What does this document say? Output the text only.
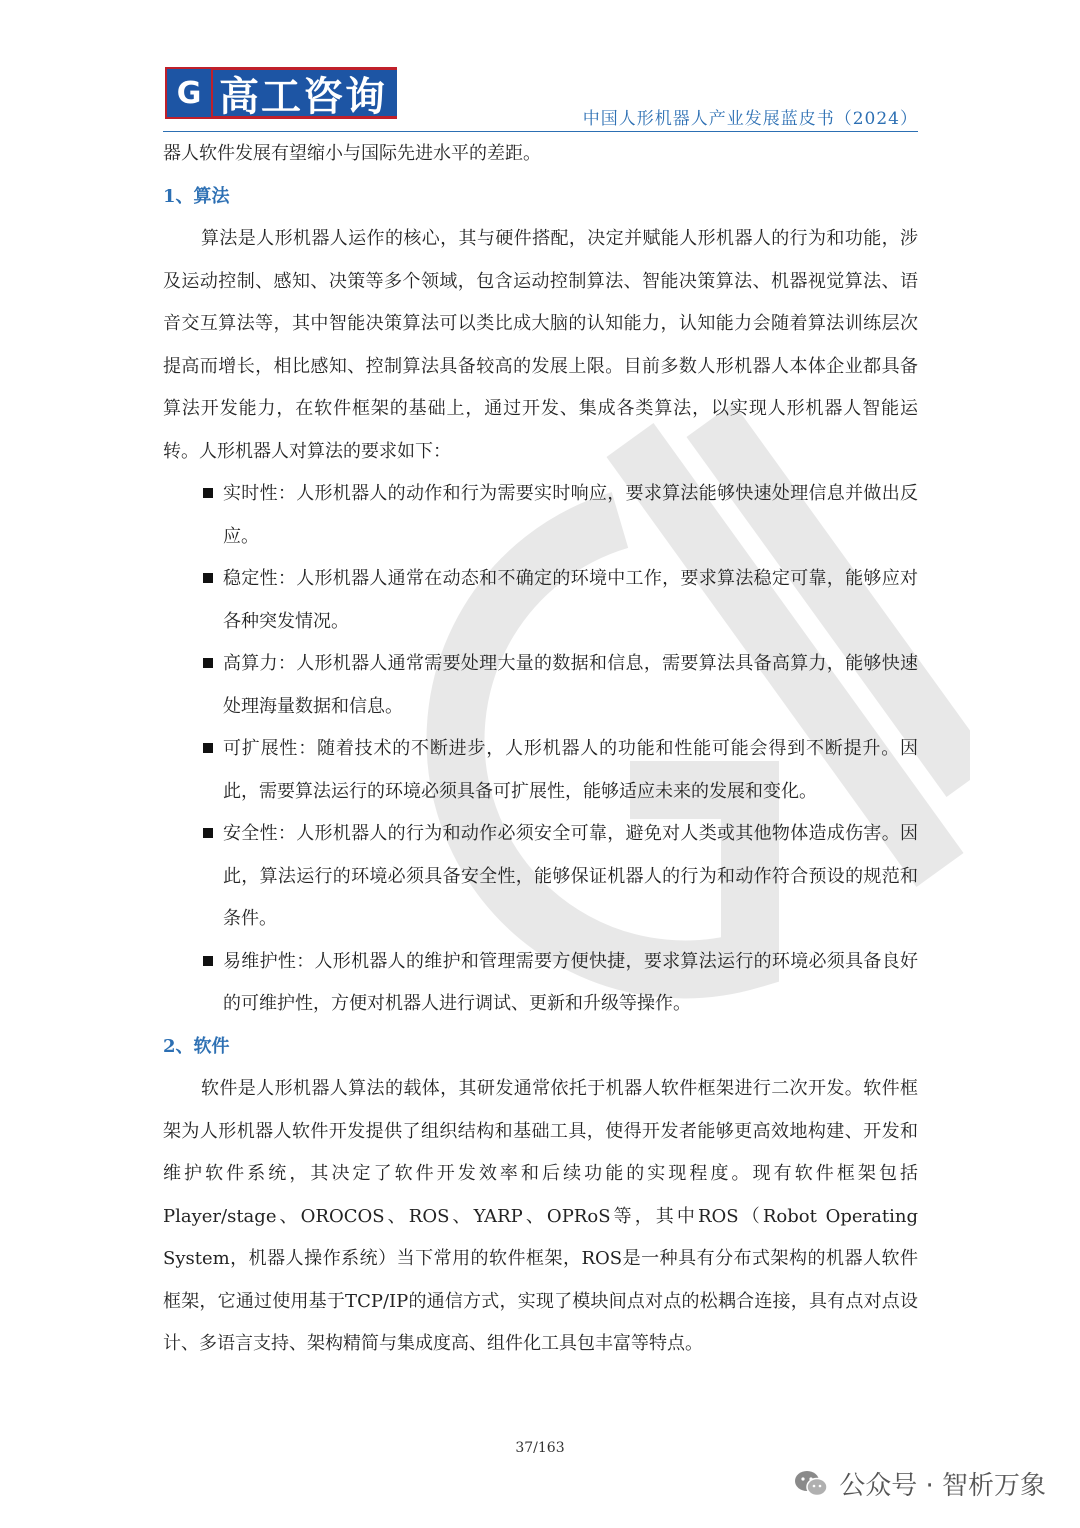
G 高工咨询	中国人形机器人产业发展蓝皮书（2024）

器人软件发展有望缩小与国际先进水平的差距。

1、算法

算法是人形机器人运作的核心，其与硬件搭配，决定并赋能人形机器人的行为和功能，涉及运动控制、感知、决策等多个领域，包含运动控制算法、智能决策算法、机器视觉算法、语音交互算法等，其中智能决策算法可以类比成大脑的认知能力，认知能力会随着算法训练层次提高而增长，相比感知、控制算法具备较高的发展上限。目前多数人形机器人本体企业都具备算法开发能力，在软件框架的基础上，通过开发、集成各类算法，以实现人形机器人智能运转。人形机器人对算法的要求如下：

实时性：人形机器人的动作和行为需要实时响应，要求算法能够快速处理信息并做出反应。
稳定性：人形机器人通常在动态和不确定的环境中工作，要求算法稳定可靠，能够应对各种突发情况。
高算力：人形机器人通常需要处理大量的数据和信息，需要算法具备高算力，能够快速处理海量数据和信息。
可扩展性：随着技术的不断进步，人形机器人的功能和性能可能会得到不断提升。因此，需要算法运行的环境必须具备可扩展性，能够适应未来的发展和变化。
安全性：人形机器人的行为和动作必须安全可靠，避免对人类或其他物体造成伤害。因此，算法运行的环境必须具备安全性，能够保证机器人的行为和动作符合预设的规范和条件。
易维护性：人形机器人的维护和管理需要方便快捷，要求算法运行的环境必须具备良好的可维护性，方便对机器人进行调试、更新和升级等操作。

2、软件

软件是人形机器人算法的载体，其研发通常依托于机器人软件框架进行二次开发。软件框架为人形机器人软件开发提供了组织结构和基础工具，使得开发者能够更高效地构建、开发和维护软件系统，其决定了软件开发效率和后续功能的实现程度。现有软件框架包括Player/stage、OROCOS、ROS、YARP、OPRoS等，其中ROS（Robot Operating System，机器人操作系统）当下常用的软件框架，ROS是一种具有分布式架构的机器人软件框架，它通过使用基于TCP/IP的通信方式，实现了模块间点对点的松耦合连接，具有点对点设计、多语言支持、架构精简与集成度高、组件化工具包丰富等特点。

37/163
公众号 · 智析万象
